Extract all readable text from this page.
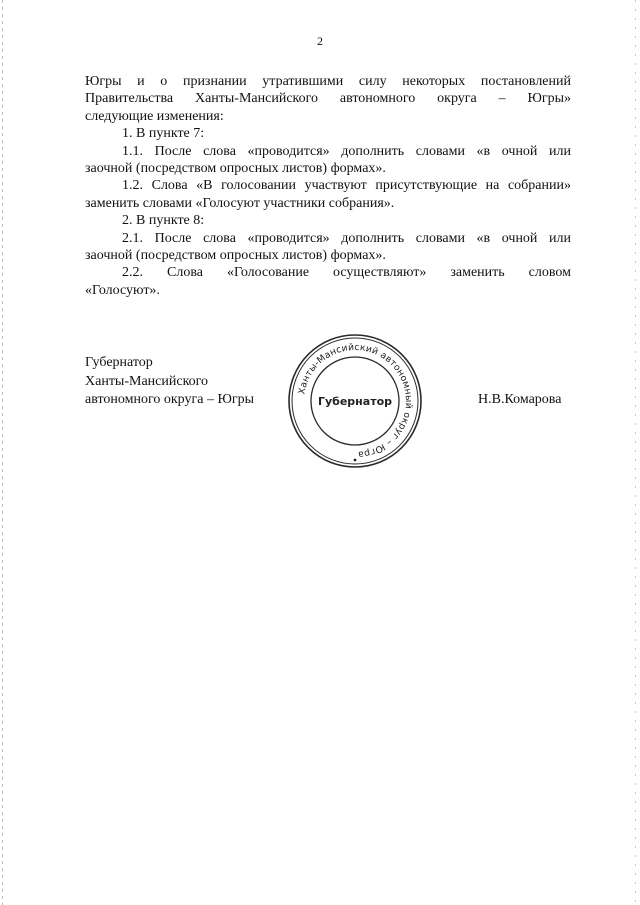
2
Югры и о признании утратившими силу некоторых постановлений
Правительства Ханты-Мансийского автономного округа – Югры»
следующие изменения:
1. В пункте 7:
1.1. После слова «проводится» дополнить словами «в очной или
заочной (посредством опросных листов) формах».
1.2. Слова «В голосовании участвуют присутствующие на собрании»
заменить словами «Голосуют участники собрания».
2. В пункте 8:
2.1. После слова «проводится» дополнить словами «в очной или
заочной (посредством опросных листов) формах».
2.2. Слова «Голосование осуществляют» заменить словом
«Голосуют».
Губернатор
Ханты-Мансийского
автономного округа – Югры
Ханты-Мансийский автономный округ – Югра
Губернатор	Н.В.Комарова
